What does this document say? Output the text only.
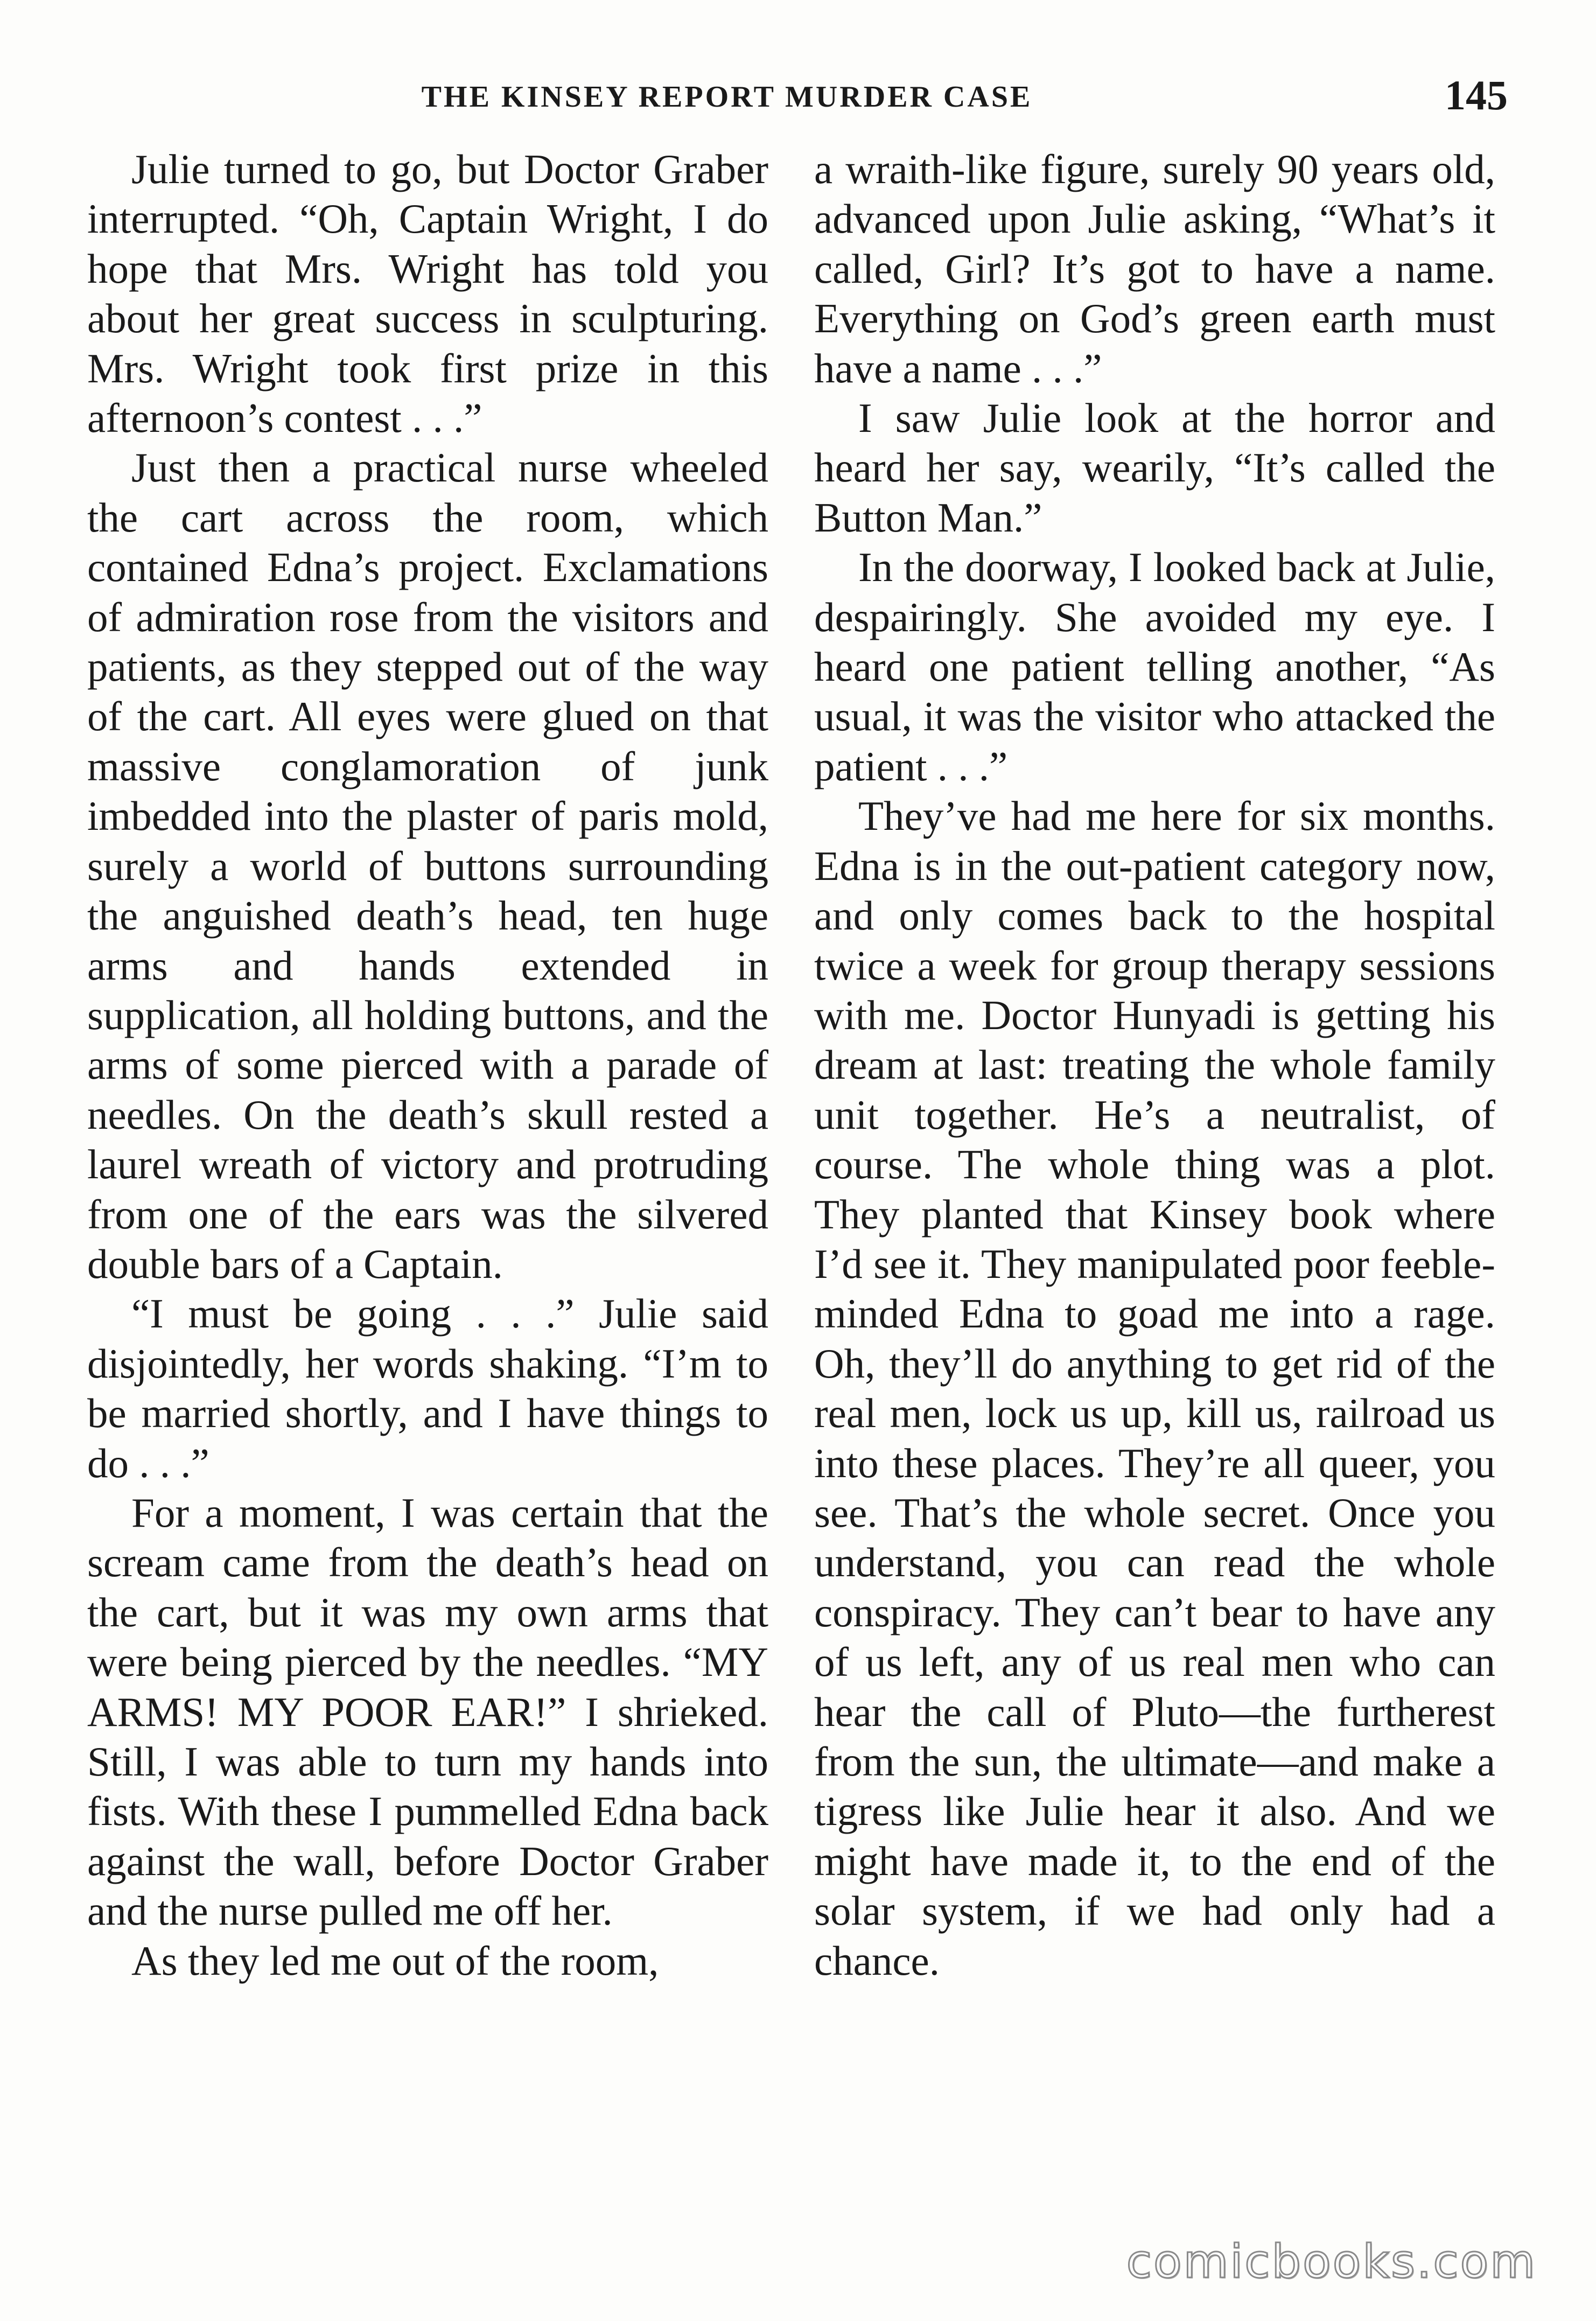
THE KINSEY REPORT MURDER CASE	145

Julie turned to go, but Doctor Graber interrupted. “Oh, Captain Wright, I do hope that Mrs. Wright has told you about her great success in sculpturing. Mrs. Wright took first prize in this afternoon’s contest . . .”

Just then a practical nurse wheeled the cart across the room, which contained Edna’s project. Exclamations of admiration rose from the visitors and patients, as they stepped out of the way of the cart. All eyes were glued on that massive conglamoration of junk imbedded into the plaster of paris mold, surely a world of buttons surrounding the anguished death’s head, ten huge arms and hands extended in supplication, all holding buttons, and the arms of some pierced with a parade of needles. On the death’s skull rested a laurel wreath of victory and protruding from one of the ears was the silvered double bars of a Captain.

“I must be going . . .” Julie said disjointedly, her words shaking. “I’m to be married shortly, and I have things to do . . .”

For a moment, I was certain that the scream came from the death’s head on the cart, but it was my own arms that were being pierced by the needles. “MY ARMS! MY POOR EAR!” I shrieked. Still, I was able to turn my hands into fists. With these I pummelled Edna back against the wall, before Doctor Graber and the nurse pulled me off her.

As they led me out of the room,

a wraith-like figure, surely 90 years old, advanced upon Julie asking, “What’s it called, Girl? It’s got to have a name. Everything on God’s green earth must have a name . . .”

I saw Julie look at the horror and heard her say, wearily, “It’s called the Button Man.”

In the doorway, I looked back at Julie, despairingly. She avoided my eye. I heard one patient telling another, “As usual, it was the visitor who attacked the patient . . .”

They’ve had me here for six months. Edna is in the out-patient category now, and only comes back to the hospital twice a week for group therapy sessions with me. Doctor Hunyadi is getting his dream at last: treating the whole family unit together. He’s a neutralist, of course. The whole thing was a plot. They planted that Kinsey book where I’d see it. They manipulated poor feeble-minded Edna to goad me into a rage. Oh, they’ll do anything to get rid of the real men, lock us up, kill us, railroad us into these places. They’re all queer, you see. That’s the whole secret. Once you understand, you can read the whole conspiracy. They can’t bear to have any of us left, any of us real men who can hear the call of Pluto—the furtherest from the sun, the ultimate—and make a tigress like Julie hear it also. And we might have made it, to the end of the solar system, if we had only had a chance.

comicbooks.com
